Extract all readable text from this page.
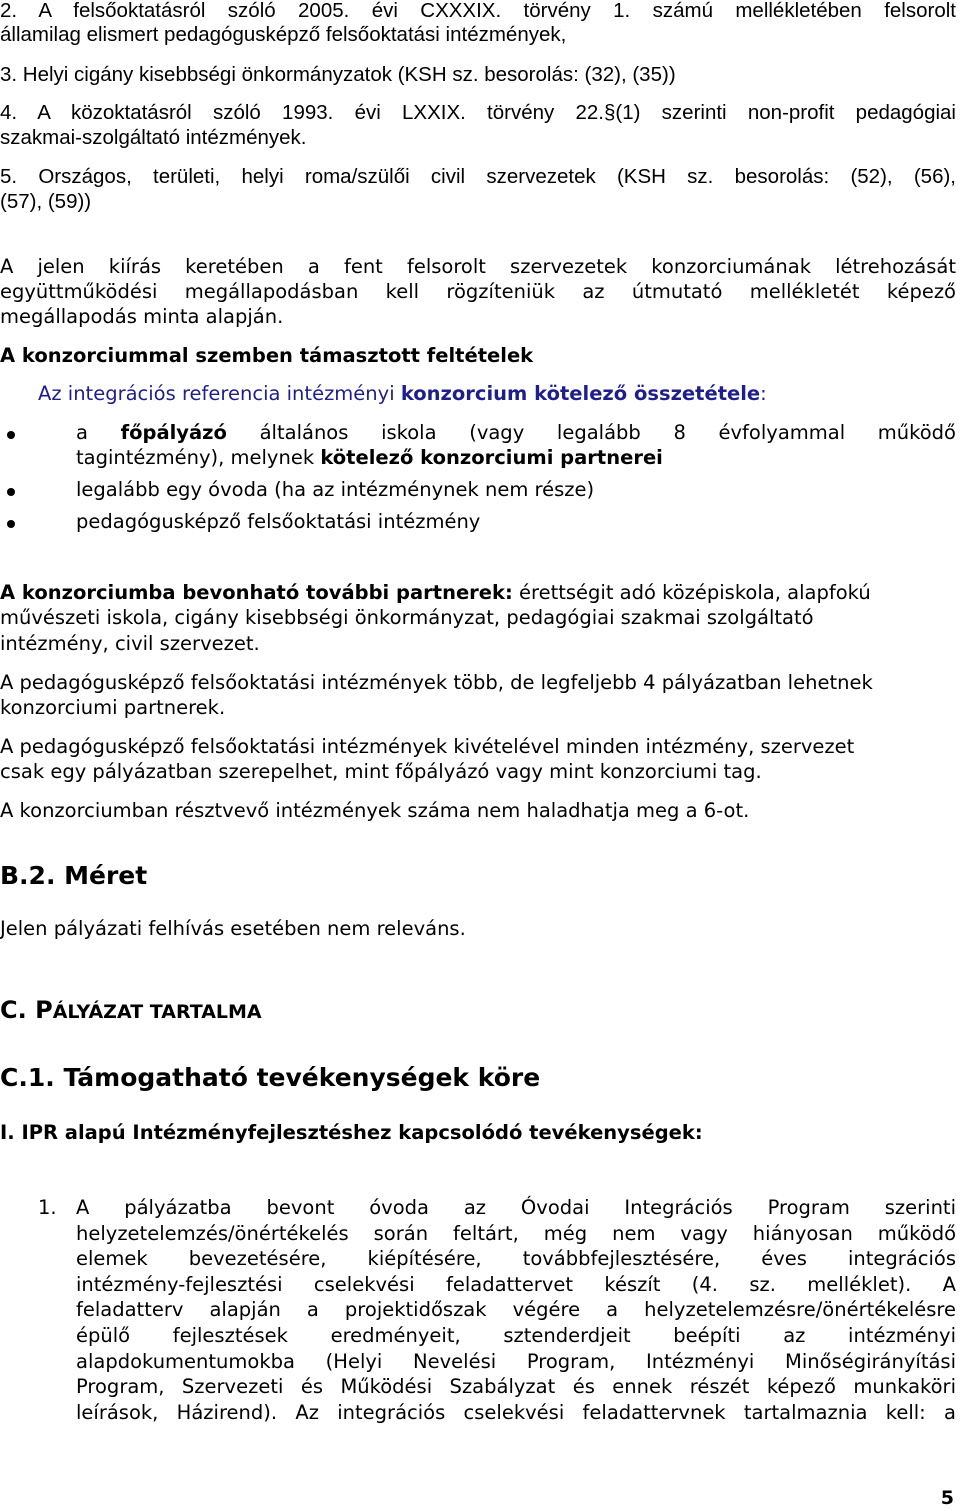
2. A felsőoktatásról szóló 2005. évi CXXXIX. törvény 1. számú mellékletében felsorolt

államilag elismert pedagógusképző felsőoktatási intézmények,

3. Helyi cigány kisebbségi önkormányzatok (KSH sz. besorolás: (32), (35))

4. A közoktatásról szóló 1993. évi LXXIX. törvény 22.§(1) szerinti non-profit pedagógiai

szakmai-szolgáltató intézmények.

5. Országos, területi, helyi roma/szülői civil szervezetek (KSH sz. besorolás: (52), (56),

(57), (59))

A jelen kiírás keretében a fent felsorolt szervezetek konzorciumának létrehozását

együttműködési megállapodásban kell rögzíteniük az útmutató mellékletét képező

megállapodás minta alapján.

A konzorciummal szemben támasztott feltételek

Az integrációs referencia intézményi konzorcium kötelező összetétele:

a főpályázó általános iskola (vagy legalább 8 évfolyammal működő

tagintézmény), melynek kötelező konzorciumi partnerei

legalább egy óvoda (ha az intézménynek nem része)

pedagógusképző felsőoktatási intézmény

A konzorciumba bevonható további partnerek: érettségit adó középiskola, alapfokú

művészeti iskola, cigány kisebbségi önkormányzat, pedagógiai szakmai szolgáltató

intézmény, civil szervezet.

A pedagógusképző felsőoktatási intézmények több, de legfeljebb 4 pályázatban lehetnek

konzorciumi partnerek.

A pedagógusképző felsőoktatási intézmények kivételével minden intézmény, szervezet

csak egy pályázatban szerepelhet, mint főpályázó vagy mint konzorciumi tag.

A konzorciumban résztvevő intézmények száma nem haladhatja meg a 6-ot.

B.2. Méret

Jelen pályázati felhívás esetében nem releváns.

C. PÁLYÁZAT TARTALMA
C.1. Támogatható tevékenységek köre
I. IPR alapú Intézményfejlesztéshez kapcsolódó tevékenységek:
1. A pályázatba bevont óvoda az Óvodai Integrációs Program szerinti

helyzetelemzés/önértékelés során feltárt, még nem vagy hiányosan működő

elemek bevezetésére, kiépítésére, továbbfejlesztésére, éves integrációs

intézmény-fejlesztési cselekvési feladattervet készít (4. sz. melléklet). A

feladatterv alapján a projektidőszak végére a helyzetelemzésre/önértékelésre

épülő fejlesztések eredményeit, sztenderdjeit beépíti az intézményi

alapdokumentumokba (Helyi Nevelési Program, Intézményi Minőségirányítási

Program, Szervezeti és Működési Szabályzat és ennek részét képező munkaköri

leírások, Házirend). Az integrációs cselekvési feladattervnek tartalmaznia kell: a

5
